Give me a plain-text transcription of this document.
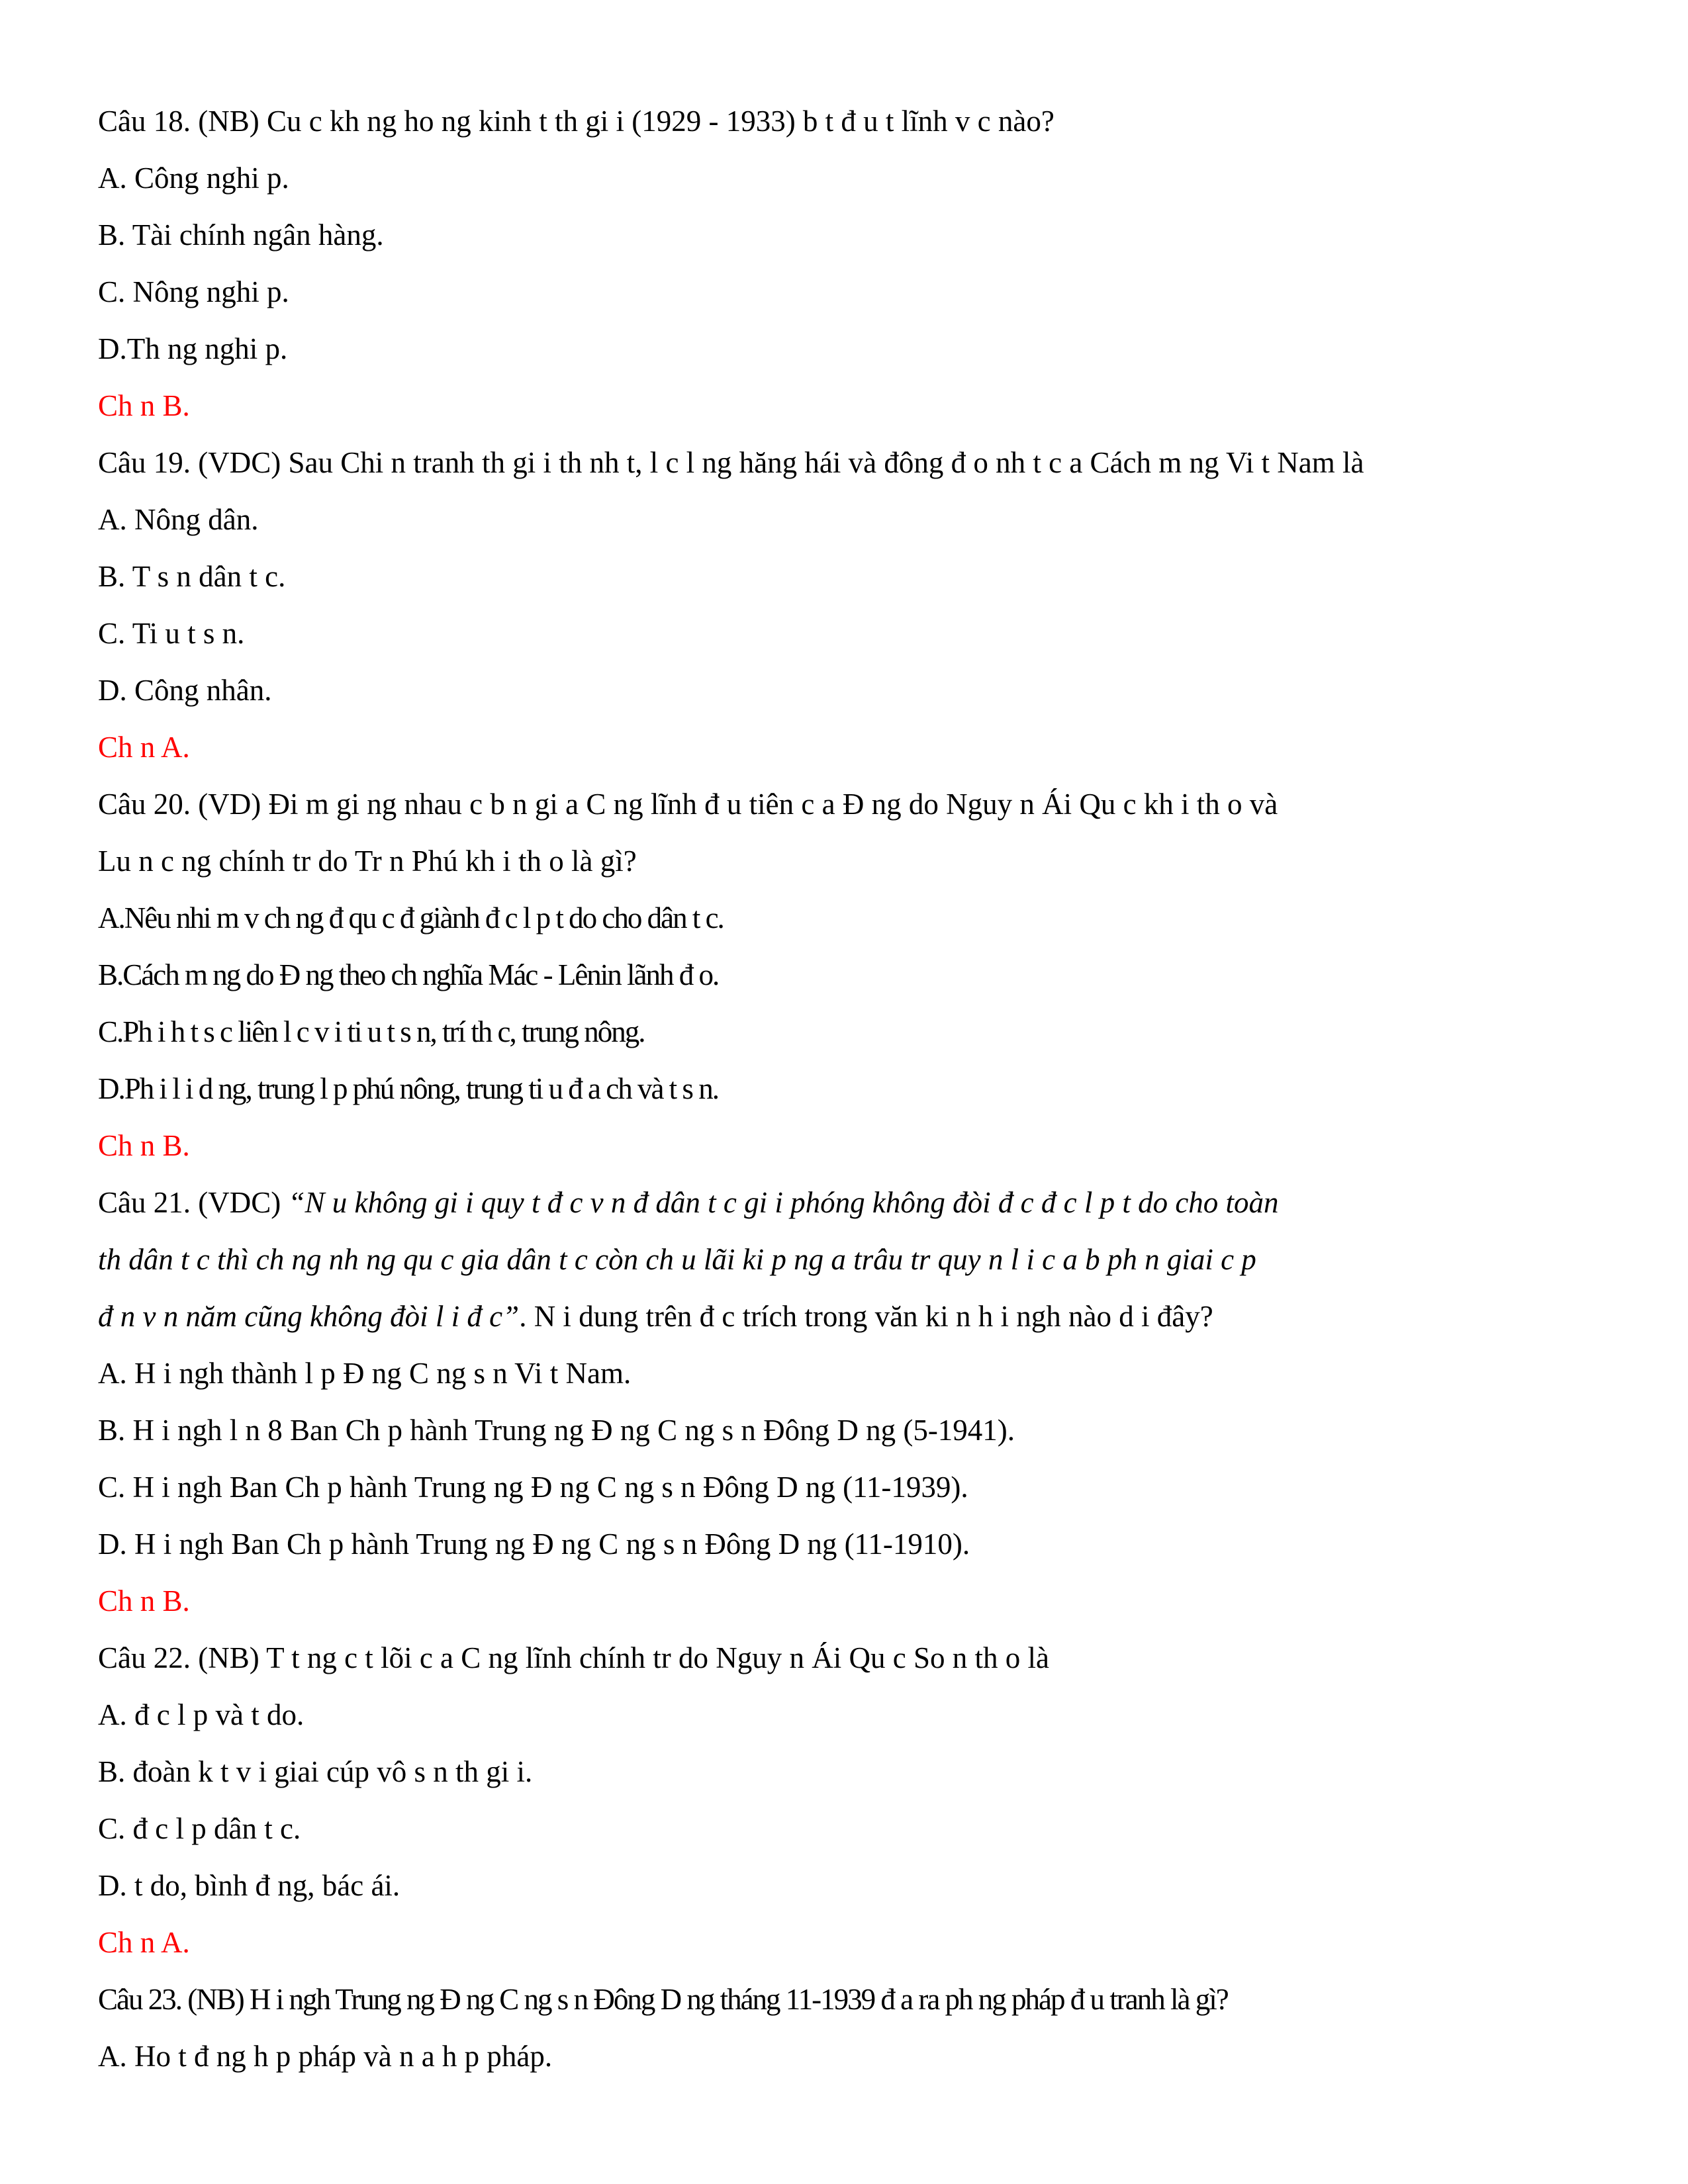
Câu 18. (NB) Cu c kh ng ho ng kinh t th gi i (1929 - 1933) b t đ u t lĩnh v c nào?
A. Công nghi p.
B. Tài chính ngân hàng.
C. Nông nghi p.
D.Th ng nghi p.
Ch n B.
Câu 19. (VDC) Sau Chi n tranh th gi i th nh t, l c l ng hăng hái và đông đ o nh t c a Cách m ng Vi t Nam là
A. Nông dân.
B. T s n dân t c.
C. Ti u t s n.
D. Công nhân.
Ch n A.
Câu 20. (VD) Đi m gi ng nhau c b n gi a C ng lĩnh đ u tiên c a Đ ng do Nguy n Ái Qu c kh i th o và
Lu n c ng chính tr do Tr n Phú kh i th o là gì?
A.Nêu nhi m v ch ng đ qu c đ giành đ c l p t do cho dân t c.
B.Cách m ng do Đ ng theo ch nghĩa Mác - Lênin lãnh đ o.
C.Ph i h t s c liên l c v i ti u t s n, trí th c, trung nông.
D.Ph i l i d ng, trung l p phú nông, trung ti u đ a ch và t s n.
Ch n B.
Câu 21. (VDC) “N u không gi i quy t đ c v n đ dân t c gi i phóng không đòi đ c đ c l p t do cho toàn
th dân t c thì ch ng nh ng qu c gia dân t c còn ch u lãi ki p ng a trâu tr quy n l i c a b ph n giai c p
đ n v n năm cũng không đòi l i đ c”. N i dung trên đ c trích trong văn ki n h i ngh nào d i đây?
A. H i ngh thành l p Đ ng C ng s n Vi t Nam.
B. H i ngh l n 8 Ban Ch p hành Trung ng Đ ng C ng s n Đông D ng (5-1941).
C. H i ngh Ban Ch p hành Trung ng Đ ng C ng s n Đông D ng (11-1939).
D. H i ngh Ban Ch p hành Trung ng Đ ng C ng s n Đông D ng (11-1910).
Ch n B.
Câu 22. (NB) T t ng c t lõi c a C ng lĩnh chính tr do Nguy n Ái Qu c So n th o là
A. đ c l p và t do.
B. đoàn k t v i giai cúp vô s n th gi i.
C. đ c l p dân t c.
D. t do, bình đ ng, bác ái.
Ch n A.
Câu 23. (NB) H i ngh Trung ng Đ ng C ng s n Đông D ng tháng 11-1939 đ a ra ph ng pháp đ u tranh là gì?
A. Ho t đ ng h p pháp và n a h p pháp.
